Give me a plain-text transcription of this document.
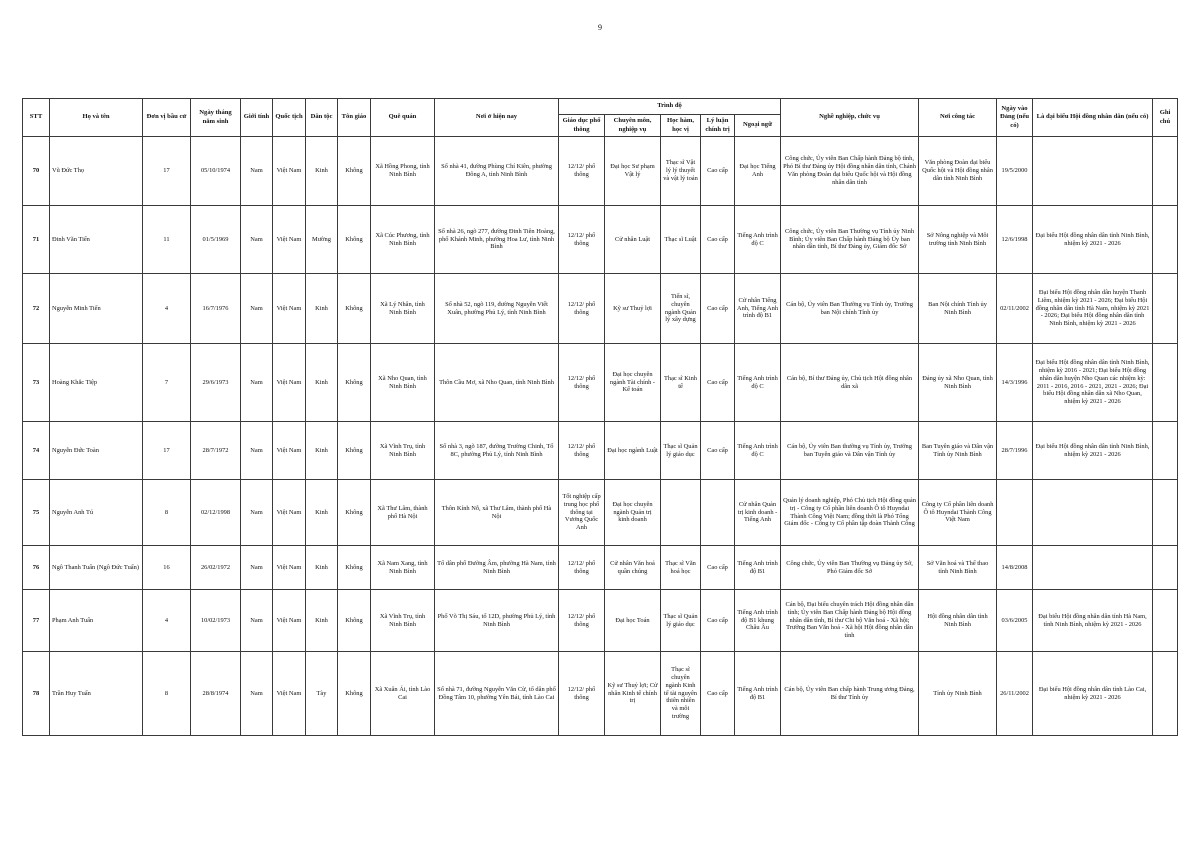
9
STT	Họ và tên	Đơn vị bầu cử	Ngày tháng năm sinh	Giới tính	Quốc tịch	Dân tộc	Tôn giáo	Quê quán	Nơi ở hiện nay	Trình độ					Nghề nghiệp, chức vụ	Nơi công tác	Ngày vào Đảng (nếu có)	Là đại biểu Hội đồng nhân dân (nếu có)	Ghi chú
										Giáo dục phổ thông	Chuyên môn, nghiệp vụ	Học hàm, học vị	Lý luận chính trị	Ngoại ngữ					
70	Vũ Đức Thọ	17	05/10/1974	Nam	Việt Nam	Kinh	Không	Xã Hồng Phong, tỉnh Ninh Bình	Số nhà 41, đường Phùng Chí Kiên, phường Đông A, tỉnh Ninh Bình	12/12/ phổ thông	Đại học Sư phạm Vật lý	Thạc sĩ Vật lý lý thuyết và vật lý toán	Cao cấp	Đại học Tiếng Anh	Công chức, Ủy viên Ban Chấp hành Đảng bộ tỉnh, Phó Bí thư Đảng ủy Hội đồng nhân dân tỉnh, Chánh Văn phòng Đoàn đại biểu Quốc hội và Hội đồng nhân dân tỉnh	Văn phòng Đoàn đại biểu Quốc hội và Hội đồng nhân dân tỉnh Ninh Bình	19/5/2000		
71	Đinh Văn Tiến	11	01/5/1969	Nam	Việt Nam	Mường	Không	Xã Cúc Phương, tỉnh Ninh Bình	Số nhà 26, ngõ 277, đường Đinh Tiên Hoàng, phố Khánh Minh, phường Hoa Lư, tỉnh Ninh Bình	12/12/ phổ thông	Cử nhân Luật	Thạc sĩ Luật	Cao cấp	Tiếng Anh trình độ C	Công chức, Ủy viên Ban Thường vụ Tỉnh ủy Ninh Bình; Ủy viên Ban Chấp hành Đảng bộ Ủy ban nhân dân tỉnh, Bí thư Đảng ủy, Giám đốc Sở	Sở Nông nghiệp và Môi trường tỉnh Ninh Bình	12/6/1998	Đại biểu Hội đồng nhân dân tỉnh Ninh Bình, nhiệm kỳ 2021 - 2026	
72	Nguyễn Minh Tiến	4	16/7/1976	Nam	Việt Nam	Kinh	Không	Xã Lý Nhân, tỉnh Ninh Bình	Số nhà 52, ngõ 119, đường Nguyễn Viết Xuân, phường Phủ Lý, tỉnh Ninh Bình	12/12/ phổ thông	Kỹ sư Thuỷ lợi	Tiến sĩ, chuyên ngành Quản lý xây dựng	Cao cấp	Cử nhân Tiếng Anh, Tiếng Anh trình độ B1	Cán bộ, Ủy viên Ban Thường vụ Tỉnh ủy, Trưởng ban Nội chính Tỉnh ủy	Ban Nội chính Tỉnh ủy Ninh Bình	02/11/2002	Đại biểu Hội đồng nhân dân huyện Thanh Liêm, nhiệm kỳ 2021 - 2026; Đại biểu Hội đồng nhân dân tỉnh Hà Nam, nhiệm kỳ 2021 - 2026; Đại biểu Hội đồng nhân dân tỉnh Ninh Bình, nhiệm kỳ 2021 - 2026	
73	Hoàng Khắc Tiệp	7	29/6/1973	Nam	Việt Nam	Kinh	Không	Xã Nho Quan, tỉnh Ninh Bình	Thôn Cầu Mơ, xã Nho Quan, tỉnh Ninh Bình	12/12/ phổ thông	Đại học chuyên ngành Tài chính - Kế toán	Thạc sĩ Kinh tế	Cao cấp	Tiếng Anh trình độ C	Cán bộ, Bí thư Đảng ủy, Chủ tịch Hội đồng nhân dân xã	Đảng ủy xã Nho Quan, tỉnh Ninh Bình	14/3/1996	Đại biểu Hội đồng nhân dân tỉnh Ninh Bình, nhiệm kỳ 2016 - 2021; Đại biểu Hội đồng nhân dân huyện Nho Quan các nhiệm kỳ: 2011 - 2016, 2016 - 2021, 2021 - 2026; Đại biểu Hội đồng nhân dân xã Nho Quan, nhiệm kỳ 2021 - 2026	
74	Nguyễn Đức Toàn	17	28/7/1972	Nam	Việt Nam	Kinh	Không	Xã Vĩnh Trụ, tỉnh Ninh Bình	Số nhà 3, ngõ 187, đường Trường Chinh, Tổ 8C, phường Phủ Lý, tỉnh Ninh Bình	12/12/ phổ thông	Đại học ngành Luật	Thạc sĩ Quản lý giáo dục	Cao cấp	Tiếng Anh trình độ C	Cán bộ, Ủy viên Ban thường vụ Tỉnh ủy, Trưởng ban Tuyên giáo và Dân vận Tỉnh ủy	Ban Tuyên giáo và Dân vận Tỉnh ủy Ninh Bình	28/7/1996	Đại biểu Hội đồng nhân dân tỉnh Ninh Bình, nhiệm kỳ 2021 - 2026	
75	Nguyễn Anh Tú	8	02/12/1998	Nam	Việt Nam	Kinh	Không	Xã Thư Lâm, thành phố Hà Nội	Thôn Kính Nỗ, xã Thư Lâm, thành phố Hà Nội	Tốt nghiệp cấp trung học phổ thông tại Vương Quốc Anh	Đại học chuyên ngành Quản trị kinh doanh			Cử nhân Quản trị kinh doanh - Tiếng Anh	Quản lý doanh nghiệp, Phó Chủ tịch Hội đồng quản trị - Công ty Cổ phần liên doanh Ô tô Huyndai Thành Công Việt Nam; đồng thời là Phó Tổng Giám đốc - Công ty Cổ phần tập đoàn Thành Công	Công ty Cổ phần liên doanh Ô tô Huyndai Thành Công Việt Nam			
76	Ngô Thanh Tuấn (Ngô Đức Tuấn)	16	26/02/1972	Nam	Việt Nam	Kinh	Không	Xã Nam Xang, tỉnh Ninh Bình	Tổ dân phố Đường Âm, phường Hà Nam, tỉnh Ninh Bình	12/12/ phổ thông	Cử nhân Văn hoá quần chúng	Thạc sĩ Văn hoá học	Cao cấp	Tiếng Anh trình độ B1	Công chức, Ủy viên Ban Thường vụ Đảng ủy Sở, Phó Giám đốc Sở	Sở Văn hoá và Thể thao tỉnh Ninh Bình	14/8/2008		
77	Phạm Anh Tuấn	4	10/02/1973	Nam	Việt Nam	Kinh	Không	Xã Vĩnh Trụ, tỉnh Ninh Bình	Phố Võ Thị Sáu, tổ 12D, phường Phủ Lý, tỉnh Ninh Bình	12/12/ phổ thông	Đại học Toán	Thạc sĩ Quản lý giáo dục	Cao cấp	Tiếng Anh trình độ B1 khung Châu Âu	Cán bộ, Đại biểu chuyên trách Hội đồng nhân dân tỉnh; Ủy viên Ban Chấp hành Đảng bộ Hội đồng nhân dân tỉnh, Bí thư Chi bộ Văn hoá - Xã hội; Trưởng Ban Văn hoá - Xã hội Hội đồng nhân dân tỉnh	Hội đồng nhân dân tỉnh Ninh Bình	03/6/2005	Đại biểu Hội đồng nhân dân tỉnh Hà Nam, tỉnh Ninh Bình, nhiệm kỳ 2021 - 2026	
78	Trần Huy Tuấn	8	28/8/1974	Nam	Việt Nam	Tày	Không	Xã Xuân Ái, tỉnh Lào Cai	Số nhà 71, đường Nguyễn Văn Cừ, tổ dân phố Đồng Tâm 10, phường Yên Bái, tỉnh Lào Cai	12/12/ phổ thông	Kỹ sư Thuỷ lợi; Cử nhân Kinh tế chính trị	Thạc sĩ chuyên ngành Kinh tế tài nguyên thiên nhiên và môi trường	Cao cấp	Tiếng Anh trình độ B1	Cán bộ, Ủy viên Ban chấp hành Trung ương Đảng, Bí thư Tỉnh ủy	Tỉnh ủy Ninh Bình	26/11/2002	Đại biểu Hội đồng nhân dân tỉnh Lào Cai, nhiệm kỳ 2021 - 2026	
